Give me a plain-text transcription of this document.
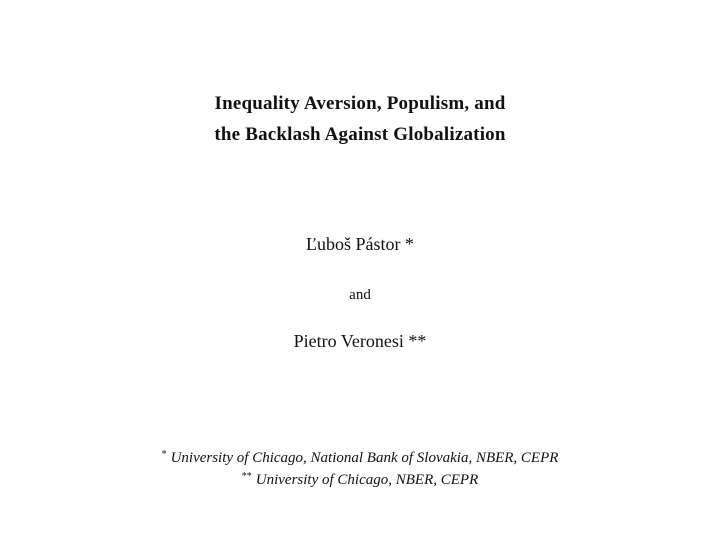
Inequality Aversion, Populism, and
the Backlash Against Globalization
Ľuboš Pástor *
and
Pietro Veronesi **
* University of Chicago, National Bank of Slovakia, NBER, CEPR
** University of Chicago, NBER, CEPR
